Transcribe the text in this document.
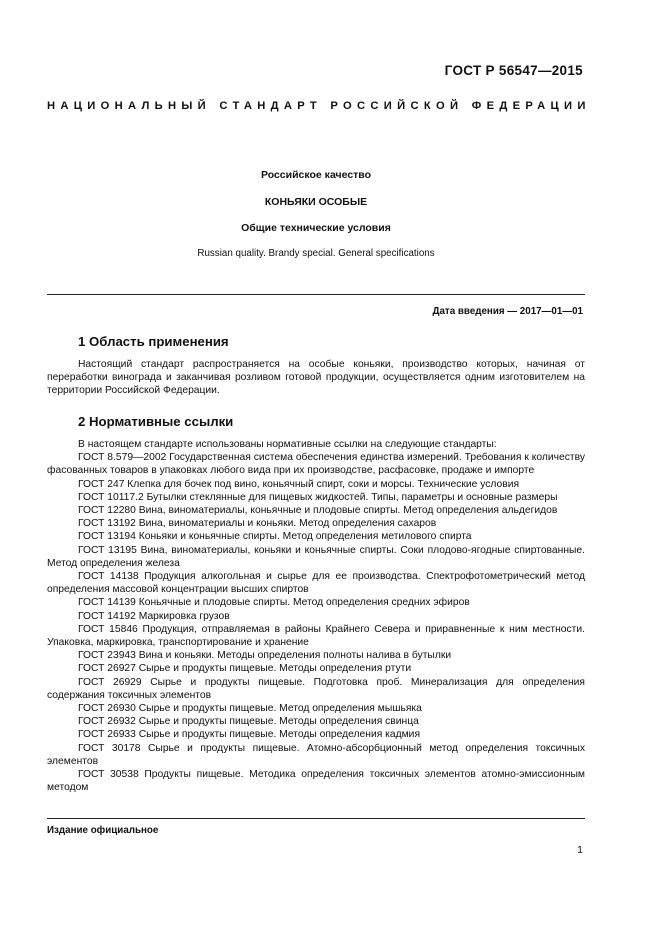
ГОСТ Р 56547—2015
НАЦИОНАЛЬНЫЙ СТАНДАРТ РОССИЙСКОЙ ФЕДЕРАЦИИ
Российское качество
КОНЬЯКИ ОСОБЫЕ
Общие технические условия
Russian quality. Brandy special. General specifications
Дата введения — 2017—01—01
1 Область применения

Настоящий стандарт распространяется на особые коньяки, производство которых, начиная от переработки винограда и заканчивая розливом готовой продукции, осуществляется одним изготовителем на территории Российской Федерации.

2 Нормативные ссылки

В настоящем стандарте использованы нормативные ссылки на следующие стандарты:

ГОСТ 8.579—2002 Государственная система обеспечения единства измерений. Требования к количеству фасованных товаров в упаковках любого вида при их производстве, расфасовке, продаже и импорте

ГОСТ 247 Клепка для бочек под вино, коньячный спирт, соки и морсы. Технические условия

ГОСТ 10117.2 Бутылки стеклянные для пищевых жидкостей. Типы, параметры и основные размеры

ГОСТ 12280 Вина, виноматериалы, коньячные и плодовые спирты. Метод определения альдегидов

ГОСТ 13192 Вина, виноматериалы и коньяки. Метод определения сахаров

ГОСТ 13194 Коньяки и коньячные спирты. Метод определения метилового спирта

ГОСТ 13195 Вина, виноматериалы, коньяки и коньячные спирты. Соки плодово-ягодные спиртованные. Метод определения железа

ГОСТ 14138 Продукция алкогольная и сырье для ее производства. Спектрофотометрический метод определения массовой концентрации высших спиртов

ГОСТ 14139 Коньячные и плодовые спирты. Метод определения средних эфиров

ГОСТ 14192 Маркировка грузов

ГОСТ 15846 Продукция, отправляемая в районы Крайнего Севера и приравненные к ним местности. Упаковка, маркировка, транспортирование и хранение

ГОСТ 23943 Вина и коньяки. Методы определения полноты налива в бутылки

ГОСТ 26927 Сырье и продукты пищевые. Методы определения ртути

ГОСТ 26929 Сырье и продукты пищевые. Подготовка проб. Минерализация для определения содержания токсичных элементов

ГОСТ 26930 Сырье и продукты пищевые. Метод определения мышьяка

ГОСТ 26932 Сырье и продукты пищевые. Методы определения свинца

ГОСТ 26933 Сырье и продукты пищевые. Методы определения кадмия

ГОСТ 30178 Сырье и продукты пищевые. Атомно-абсорбционный метод определения токсичных элементов

ГОСТ 30538 Продукты пищевые. Методика определения токсичных элементов атомно-эмиссионным методом

Издание официальное
1
